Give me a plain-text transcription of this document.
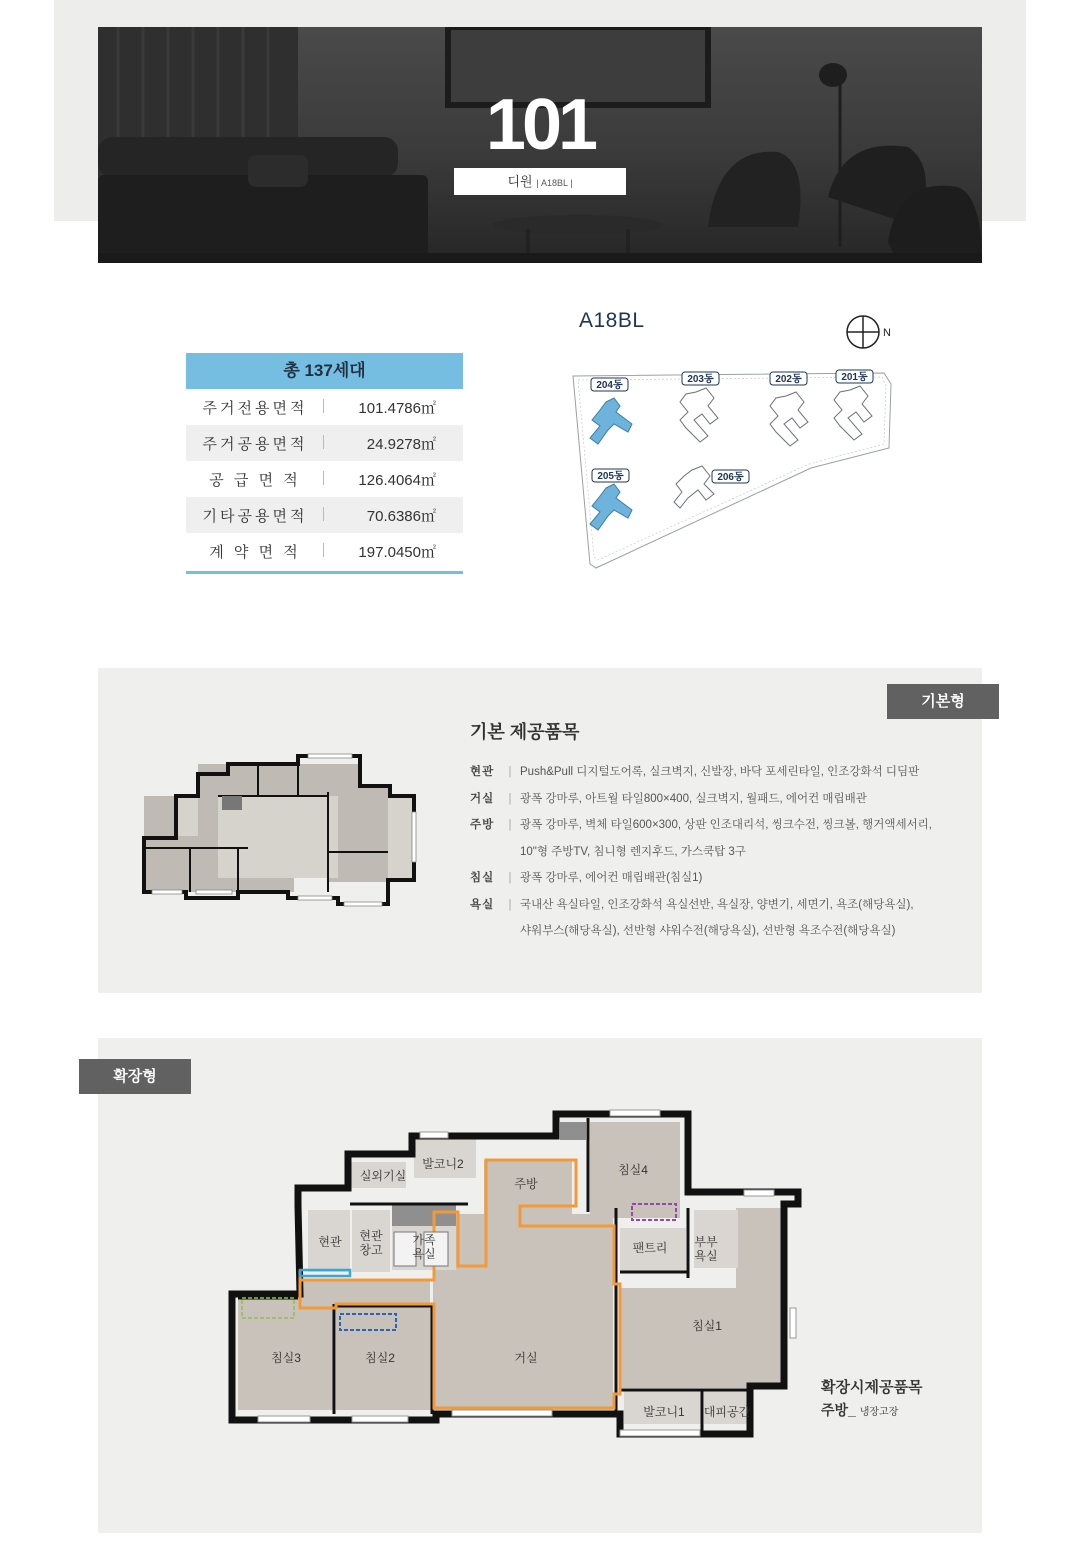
101
디원 | A18BL |
총 137세대
주거전용면적	101.4786㎡
주거공용면적	24.9278㎡
공 급 면 적	126.4064㎡
기타공용면적	70.6386㎡
계 약 면 적	197.0450㎡
A18BL
N
204동
203동	202동	201동
205동	206동
기본형
기본 제공품목
현관	| Push&Pull 디지털도어록, 실크벽지, 신발장, 바닥 포세린타일, 인조강화석 디딤판
거실	| 광폭 강마루, 아트월 타일800×400, 실크벽지, 월패드, 에어컨 매립배관
주방	| 광폭 강마루, 벽체 타일600×300, 상판 인조대리석, 씽크수전, 씽크볼, 행거액세서리,
10"형 주방TV, 침니형 렌지후드, 가스쿡탑 3구
침실	| 광폭 강마루, 에어컨 매립배관(침실1)
욕실	| 국내산 욕실타일, 인조강화석 욕실선반, 욕실장, 양변기, 세면기, 욕조(해당욕실),
샤워부스(해당욕실), 선반형 샤워수전(해당욕실), 선반형 욕조수전(해당욕실)
확장형
발코니2
실외기실
주방
침실4
현관 현관
창고
가족
욕실	팬트리 부부
욕실
침실1
침실3	침실2	거실
발코니1 대피공간
확장시제공품목
주방_ 냉장고장
